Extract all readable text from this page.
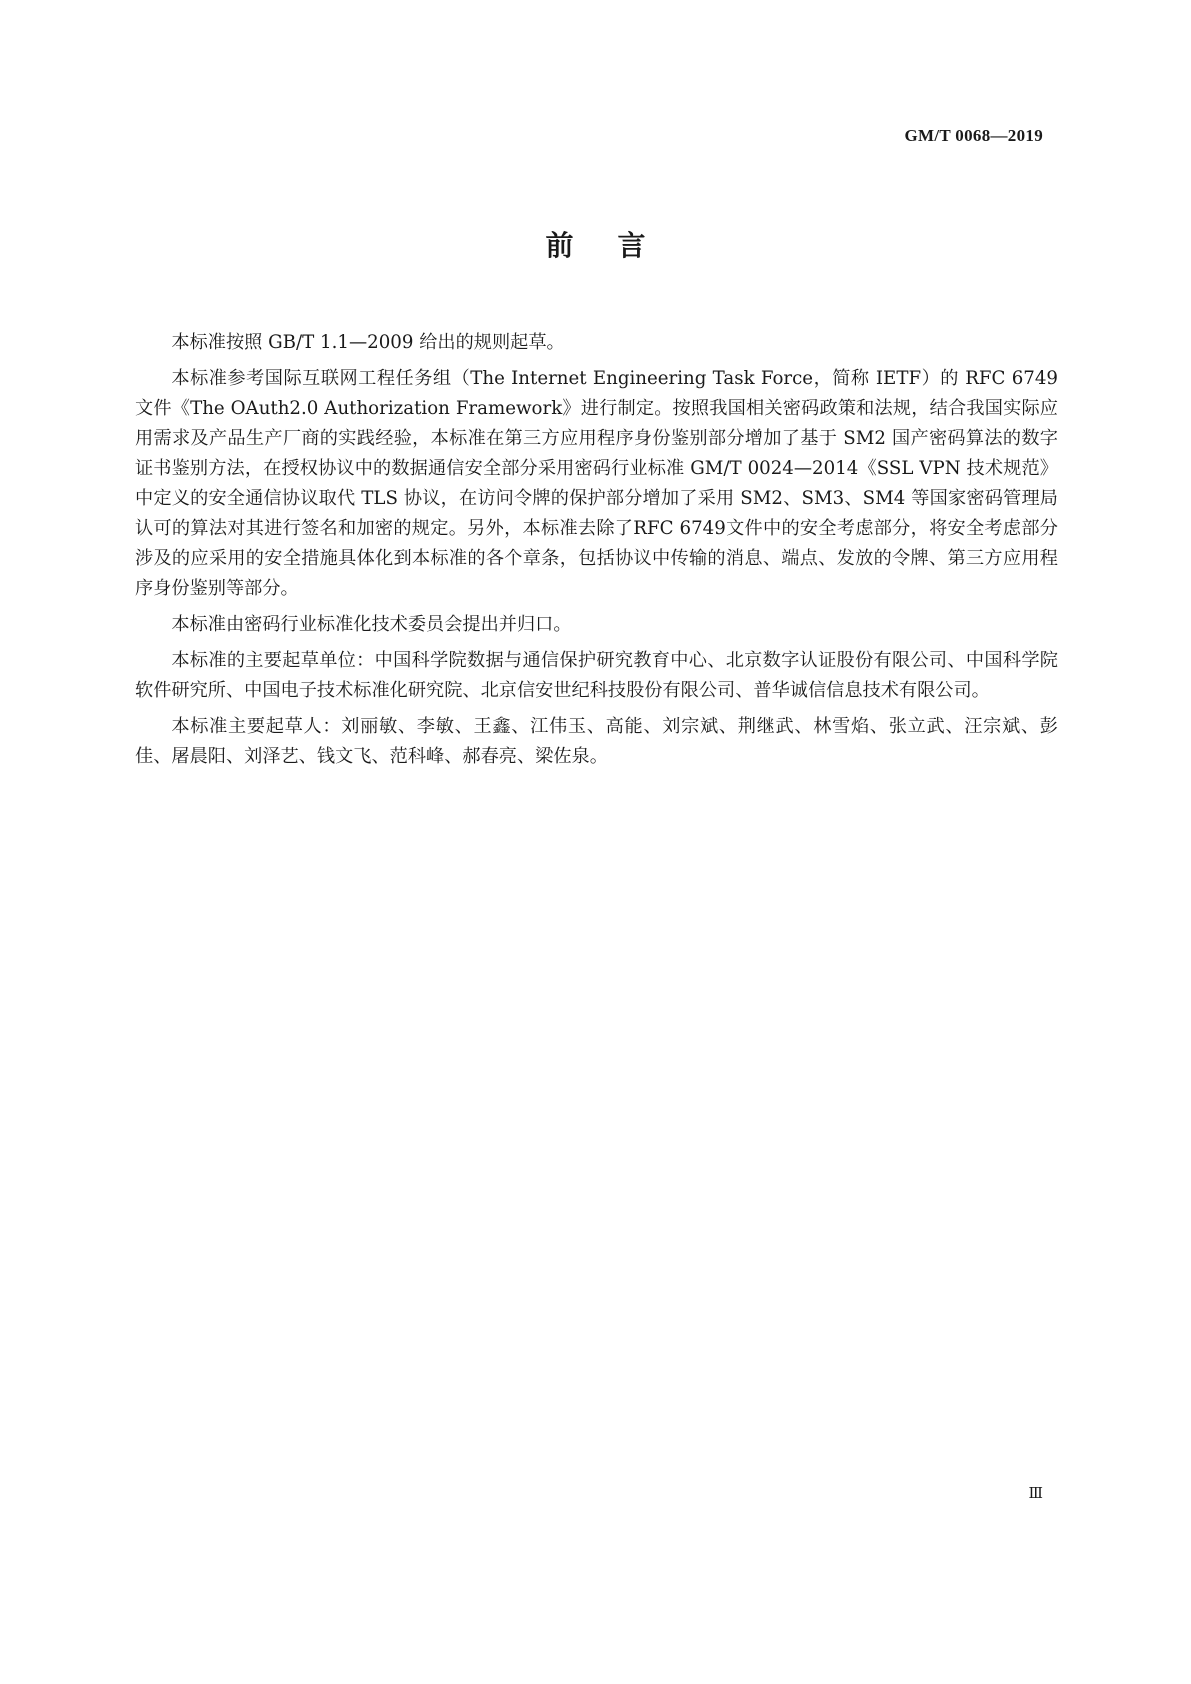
GM/T 0068—2019
前言

本标准按照 GB/T 1.1—2009 给出的规则起草。

本标准参考国际互联网工程任务组（The Internet Engineering Task Force，简称 IETF）的 RFC 6749 文件《The OAuth2.0 Authorization Framework》进行制定。按照我国相关密码政策和法规，结合我国实际应用需求及产品生产厂商的实践经验，本标准在第三方应用程序身份鉴别部分增加了基于 SM2 国产密码算法的数字证书鉴别方法，在授权协议中的数据通信安全部分采用密码行业标准 GM/T 0024—2014《SSL VPN 技术规范》中定义的安全通信协议取代 TLS 协议，在访问令牌的保护部分增加了采用 SM2、SM3、SM4 等国家密码管理局认可的算法对其进行签名和加密的规定。另外，本标准去除了RFC 6749文件中的安全考虑部分，将安全考虑部分涉及的应采用的安全措施具体化到本标准的各个章条，包括协议中传输的消息、端点、发放的令牌、第三方应用程序身份鉴别等部分。

本标准由密码行业标准化技术委员会提出并归口。

本标准的主要起草单位：中国科学院数据与通信保护研究教育中心、北京数字认证股份有限公司、中国科学院软件研究所、中国电子技术标准化研究院、北京信安世纪科技股份有限公司、普华诚信信息技术有限公司。

本标准主要起草人：刘丽敏、李敏、王鑫、江伟玉、高能、刘宗斌、荆继武、林雪焰、张立武、汪宗斌、彭佳、屠晨阳、刘泽艺、钱文飞、范科峰、郝春亮、梁佐泉。

Ⅲ
